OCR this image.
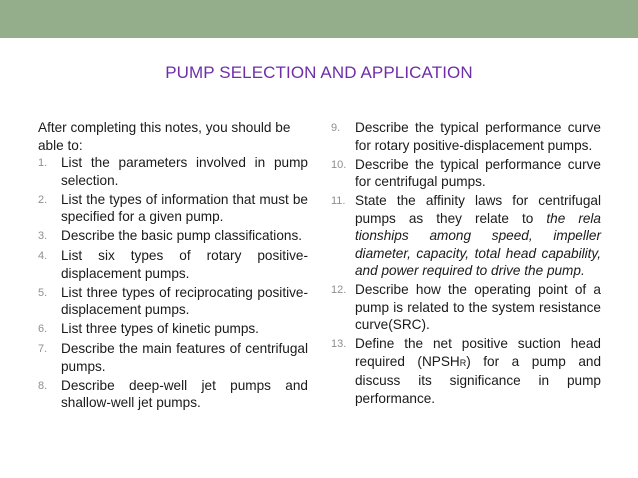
PUMP SELECTION AND APPLICATION

After completing this notes, you should be able to:

1.	List the parameters involved in pump selection.
2.	List the types of information that must be specified for a given pump.
3.	Describe the basic pump classifications.
4.	List six types of rotary positive-displacement pumps.
5.	List three types of reciprocating positive-displacement pumps.
6.	List three types of kinetic pumps.
7.	Describe the main features of centrifugal pumps.
8.	Describe deep-well jet pumps and shallow-well jet pumps.
9.	Describe the typical performance curve for rotary positive-displacement pumps.
10. Describe the typical performance curve for centrifugal pumps.
11. State the affinity laws for centrifugal pumps as they relate to the rela tionships among speed, impeller diameter, capacity, total head capability, and power required to drive the pump.
12. Describe how the operating point of a pump is related to the system resistance curve(SRC).
13. Define the net positive suction head required (NPSHR) for a pump and discuss its significance in pump performance.
